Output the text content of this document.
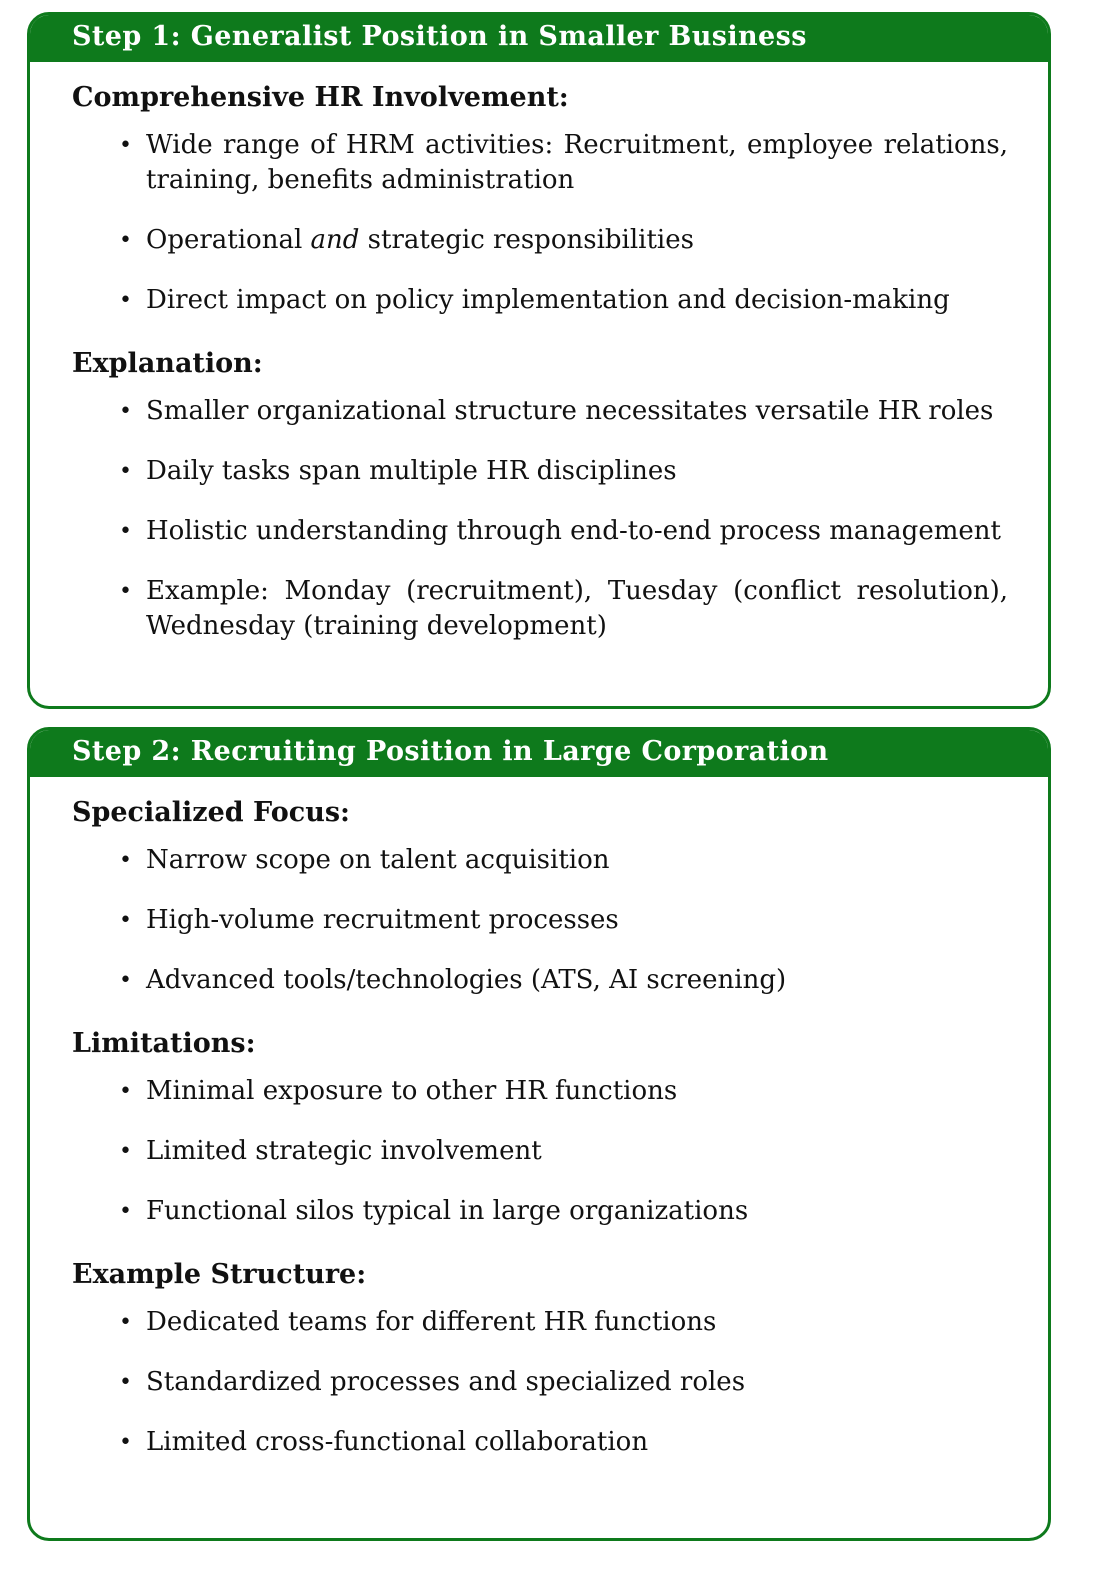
Step 1: Generalist Position in Smaller Business
Comprehensive HR Involvement:
• Wide range of HRM activities: Recruitment, employee relations, training, benefits administration
• Operational and strategic responsibilities
• Direct impact on policy implementation and decision-making
Explanation:
• Smaller organizational structure necessitates versatile HR roles
• Daily tasks span multiple HR disciplines
• Holistic understanding through end-to-end process management
• Example: Monday (recruitment), Tuesday (conflict resolution), Wednesday (training development)
Step 2: Recruiting Position in Large Corporation
Specialized Focus:
• Narrow scope on talent acquisition
• High-volume recruitment processes
• Advanced tools/technologies (ATS, AI screening)
Limitations:
• Minimal exposure to other HR functions
• Limited strategic involvement
• Functional silos typical in large organizations
Example Structure:
• Dedicated teams for different HR functions
• Standardized processes and specialized roles
• Limited cross-functional collaboration
